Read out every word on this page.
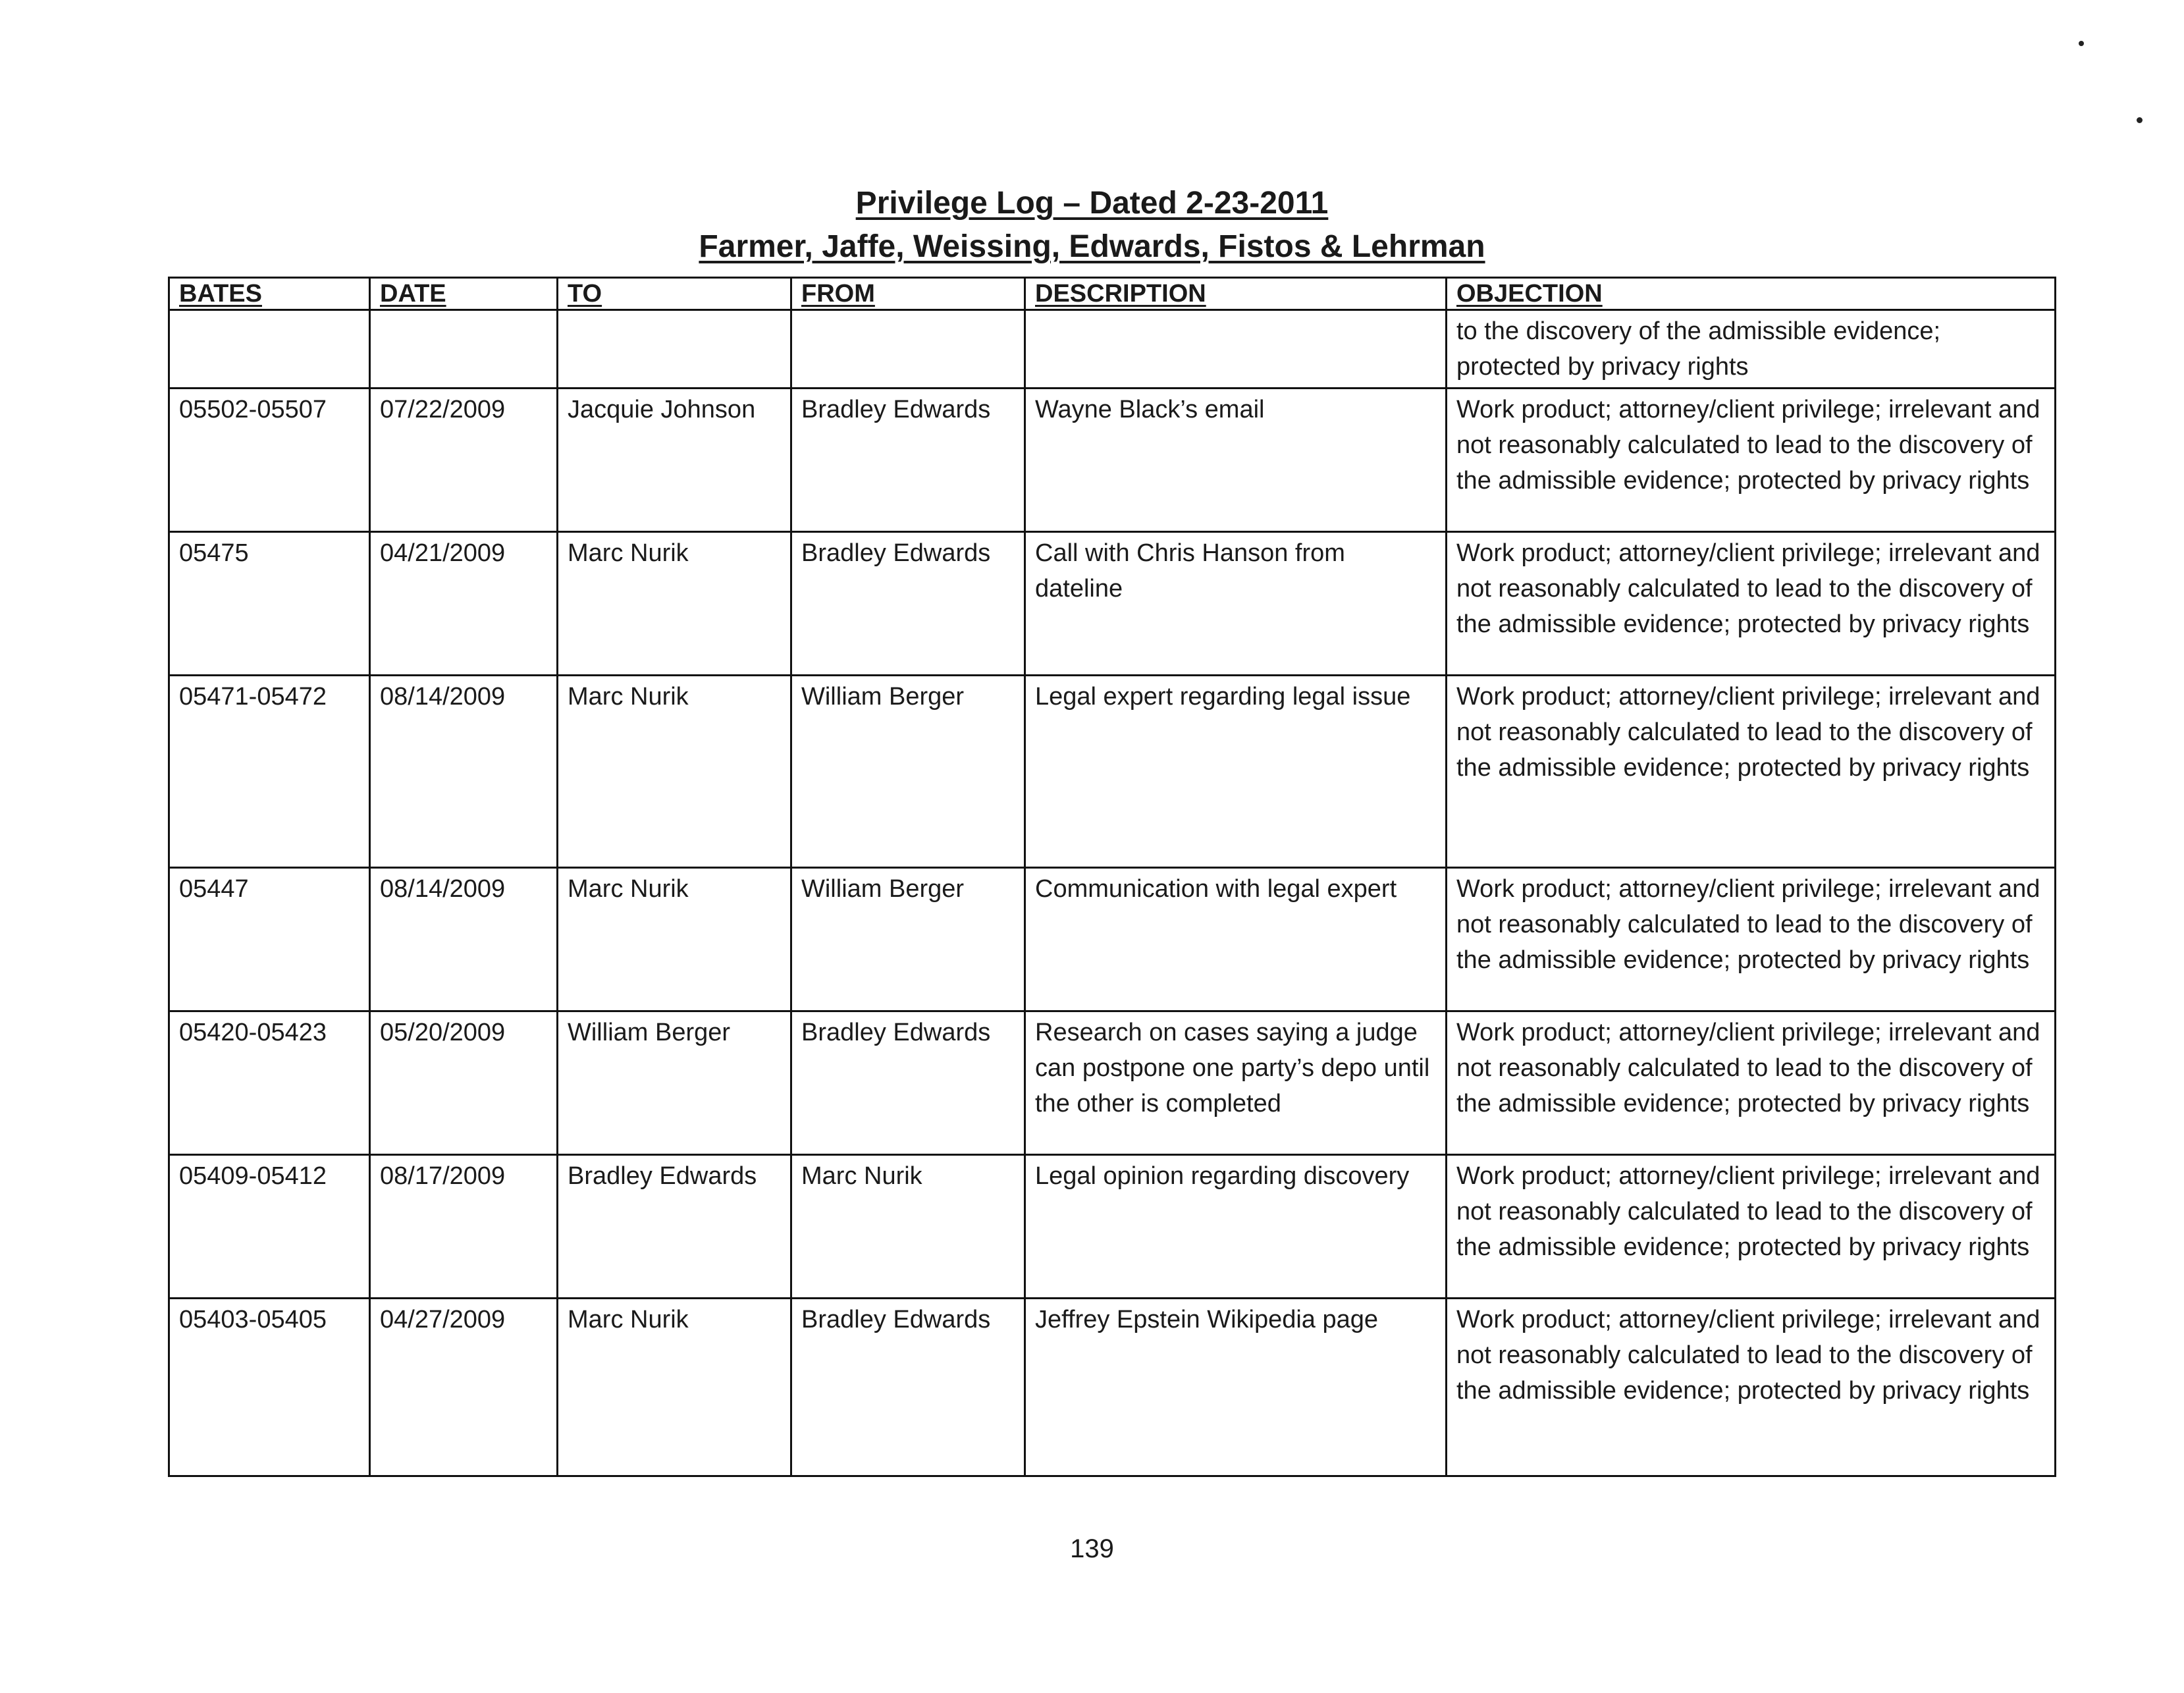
Privilege Log – Dated 2-23-2011
Farmer, Jaffe, Weissing, Edwards, Fistos & Lehrman
BATES	DATE	TO	FROM	DESCRIPTION	OBJECTION
					to the discovery of the admissible evidence; protected by privacy rights
05502-05507	07/22/2009	Jacquie Johnson	Bradley Edwards	Wayne Black’s email	Work product; attorney/client privilege; irrelevant and not reasonably calculated to lead to the discovery of the admissible evidence; protected by privacy rights
05475	04/21/2009	Marc Nurik	Bradley Edwards	Call with Chris Hanson from dateline	Work product; attorney/client privilege; irrelevant and not reasonably calculated to lead to the discovery of the admissible evidence; protected by privacy rights
05471-05472	08/14/2009	Marc Nurik	William Berger	Legal expert regarding legal issue	Work product; attorney/client privilege; irrelevant and not reasonably calculated to lead to the discovery of the admissible evidence; protected by privacy rights
05447	08/14/2009	Marc Nurik	William Berger	Communication with legal expert	Work product; attorney/client privilege; irrelevant and not reasonably calculated to lead to the discovery of the admissible evidence; protected by privacy rights
05420-05423	05/20/2009	William Berger	Bradley Edwards	Research on cases saying a judge can postpone one party’s depo until the other is completed	Work product; attorney/client privilege; irrelevant and not reasonably calculated to lead to the discovery of the admissible evidence; protected by privacy rights
05409-05412	08/17/2009	Bradley Edwards	Marc Nurik	Legal opinion regarding discovery	Work product; attorney/client privilege; irrelevant and not reasonably calculated to lead to the discovery of the admissible evidence; protected by privacy rights
05403-05405	04/27/2009	Marc Nurik	Bradley Edwards	Jeffrey Epstein Wikipedia page	Work product; attorney/client privilege; irrelevant and not reasonably calculated to lead to the discovery of the admissible evidence; protected by privacy rights
139
